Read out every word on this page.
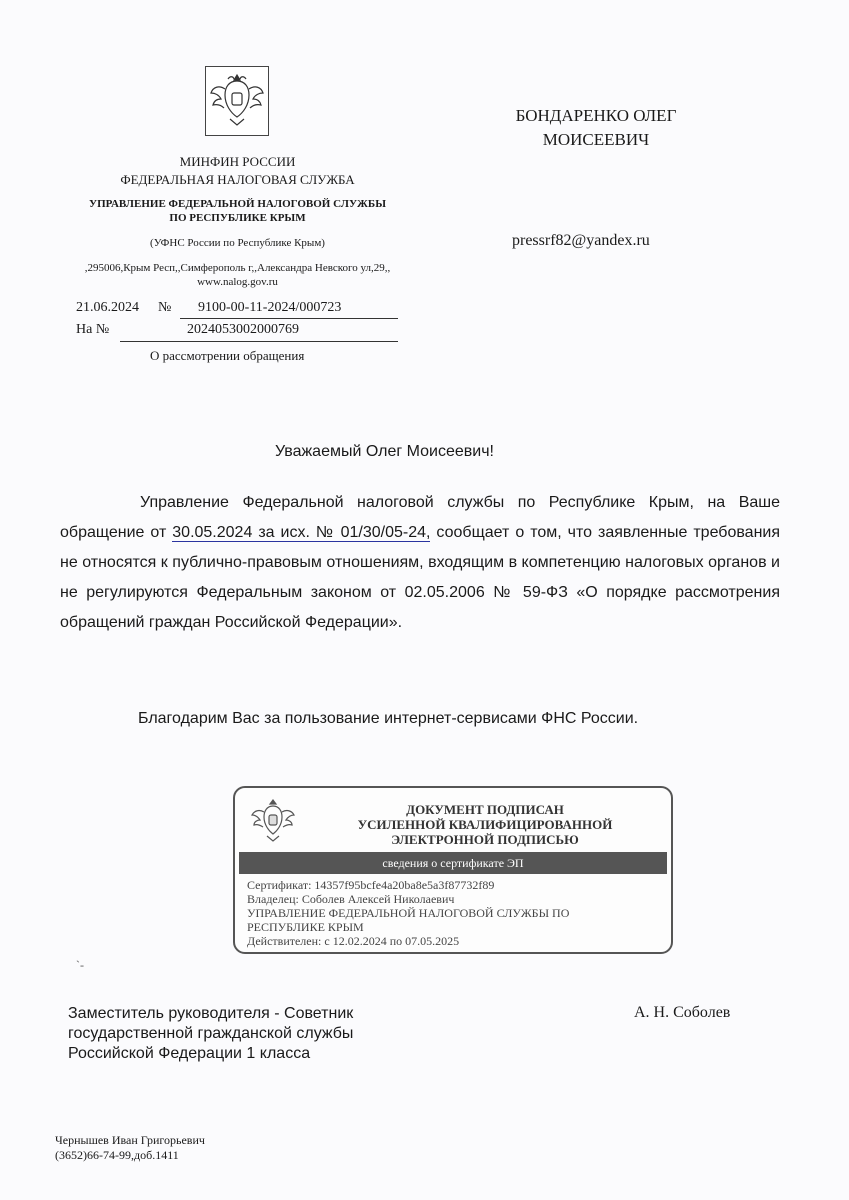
МИНФИН РОССИИ
ФЕДЕРАЛЬНАЯ НАЛОГОВАЯ СЛУЖБА
УПРАВЛЕНИЕ ФЕДЕРАЛЬНОЙ НАЛОГОВОЙ СЛУЖБЫ
ПО РЕСПУБЛИКЕ КРЫМ
(УФНС России по Республике Крым)
,295006,Крым Респ,,Симферополь г,,Александра Невского ул,29,,
www.nalog.gov.ru
21.06.2024 № 9100-00-11-2024/000723
На №	2024053002000769
О рассмотрении обращения
БОНДАРЕНКО ОЛЕГ
МОИСЕЕВИЧ
pressrf82@yandex.ru
Уважаемый Олег Моисеевич!
Управление Федеральной налоговой службы по Республике Крым, на Ваше обращение от 30.05.2024 за исх. № 01/30/05-24, сообщает о том, что заявленные требования не относятся к публично-правовым отношениям, входящим в компетенцию налоговых органов и не регулируются Федеральным законом от 02.05.2006 № 59-ФЗ «О порядке рассмотрения обращений граждан Российской Федерации».
Благодарим Вас за пользование интернет-сервисами ФНС России.
ДОКУМЕНТ ПОДПИСАН
УСИЛЕННОЙ КВАЛИФИЦИРОВАННОЙ
ЭЛЕКТРОННОЙ ПОДПИСЬЮ
сведения о сертификате ЭП
Сертификат: 14357f95bcfe4a20ba8e5a3f87732f89
Владелец: Соболев Алексей Николаевич
УПРАВЛЕНИЕ ФЕДЕРАЛЬНОЙ НАЛОГОВОЙ СЛУЖБЫ ПО
РЕСПУБЛИКЕ КРЫМ
Действителен: с 12.02.2024 по 07.05.2025
`-
Заместитель руководителя - Советник
государственной гражданской службы
Российской Федерации 1 класса
А. Н. Соболев
Чернышев Иван Григорьевич
(3652)66-74-99,доб.1411
